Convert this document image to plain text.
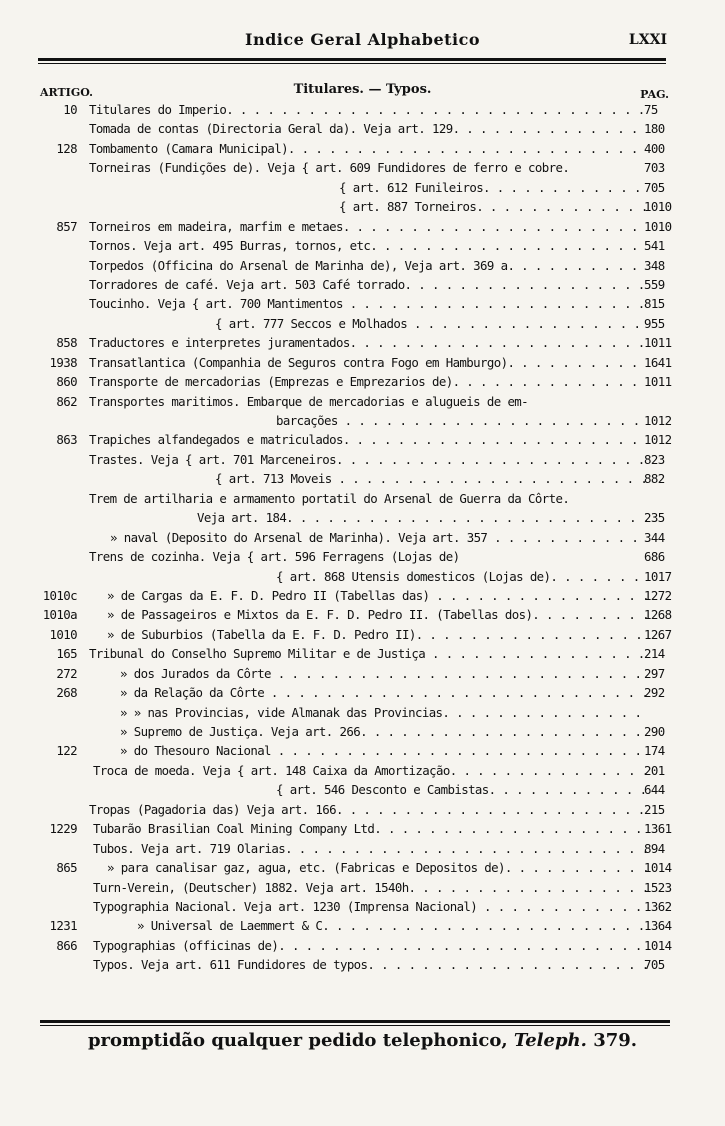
Indice Geral Alphabetico	LXXI
ARTIGO.	Titulares. — Typos.	PAG.
10 Titulares do Imperio. . . .	75
Tomada de contas (Directoria Geral da). Veja art. 129. . . .	180
128 Tombamento (Camara Municipal). . . .	400
Torneiras (Fundições de). Veja { art. 609 Fundidores de ferro e cobre.	703
{ art. 612 Funileiros. . . .	705
{ art. 887 Torneiros. . . .	1010
857 Torneiros em madeira, marfim e metaes. . . .	1010
Tornos. Veja art. 495 Burras, tornos, etc. . . .	541
Torpedos (Officina do Arsenal de Marinha de), Veja art. 369 a. . . .	348
Torradores de café. Veja art. 503 Café torrado. . . .	559
Toucinho. Veja { art. 700 Mantimentos . . .	815
{ art. 777 Seccos e Molhados . . .	955
858 Traductores e interpretes juramentados. . . .	1011
1938 Transatlantica (Companhia de Seguros contra Fogo em Hamburgo). . . .	1641
860 Transporte de mercadorias (Emprezas e Emprezarios de). . . .	1011
862 Transportes maritimos. Embarque de mercadorias e alugueis de em-
barcações . . .	1012
863 Trapiches alfandegados e matriculados. . . .	1012
Trastes. Veja { art. 701 Marceneiros. . . .	823
{ art. 713 Moveis . . .	882
Trem de artilharia e armamento portatil do Arsenal de Guerra da Côrte.
Veja art. 184. . . .	235
» naval (Deposito do Arsenal de Marinha). Veja art. 357 . . .	344
Trens de cozinha. Veja { art. 596 Ferragens (Lojas de)	686
{ art. 868 Utensis domesticos (Lojas de). . . .	1017
1010c » de Cargas da E. F. D. Pedro II (Tabellas das) . . .	1272
1010a » de Passageiros e Mixtos da E. F. D. Pedro II. (Tabellas dos). . . .	1268
1010 » de Suburbios (Tabella da E. F. D. Pedro II). . . .	1267
165 Tribunal do Conselho Supremo Militar e de Justiça . . .	214
272	» dos Jurados da Côrte . . .	297
268	» da Relação da Côrte . . .	292
» » nas Provincias, vide Almanak das Provincias. . . .
» Supremo de Justiça. Veja art. 266. . . .	290
122	» do Thesouro Nacional . . .	174
Troca de moeda. Veja { art. 148 Caixa da Amortização. . . .	201
{ art. 546 Desconto e Cambistas. . . .	644
Tropas (Pagadoria das) Veja art. 166. . . .	215
1229 Tubarão Brasilian Coal Mining Company Ltd. . . .	1361
Tubos. Veja art. 719 Olarias. . . .	894
865 » para canalisar gaz, agua, etc. (Fabricas e Depositos de). . . .	1014
Turn-Verein, (Deutscher) 1882. Veja art. 1540h. . . .	1523
Typographia Nacional. Veja art. 1230 (Imprensa Nacional) . . .	1362
1231	» Universal de Laemmert & C. . . .	1364
866 Typographias (officinas de). . . .	1014
Typos. Veja art. 611 Fundidores de typos. . . .	705
promptidão qualquer pedido telephonico, Teleph. 379.
